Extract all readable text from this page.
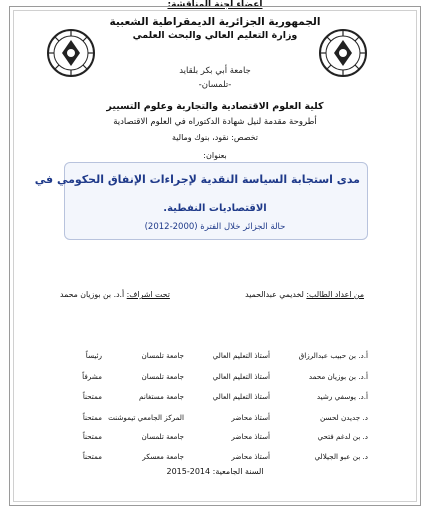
الجمهورية الجزائرية الديمقراطية الشعبية
وزارة التعليم العالي والبحث العلمي
جامعة أبي بكر بلقايد
-تلمسان-
كلية العلوم الاقتصادية والتجارية وعلوم التسيير
أطروحة مقدمة لنيل شهادة الدكتوراه في العلوم الاقتصادية
تخصص: نقود، بنوك ومالية
بعنوان:
مدى استجابة السياسة النقدية لإجراءات الإنفاق الحكومي في
الاقتصاديات النفطية.
حالة الجزائر خلال الفترة (2000-2012)
من اعداد الطالب: لخديمي عبدالحميد
تحت اشراف: أ.د. بن بوزيان محمد
أعضاء لجنة المناقشة:
أ.د. بن حبيب عبدالرزاق
أستاذ التعليم العالي
جامعة تلمسان
رئيساً
أ.د. بن بوزيان محمد
أستاذ التعليم العالي
جامعة تلمسان
مشرفاً
أ.د. يوسفي رشيد
أستاذ التعليم العالي
جامعة مستغانم
ممتحناً
د. جديدن لحسن
أستاذ محاضر
المركز الجامعي تيموشنت
ممتحناً
د. بن لدغم فتحي
أستاذ محاضر
جامعة تلمسان
ممتحناً
د. بن عبو الجيلالي
أستاذ محاضر
جامعة معسكر
ممتحناً
السنة الجامعية: 2014-2015
